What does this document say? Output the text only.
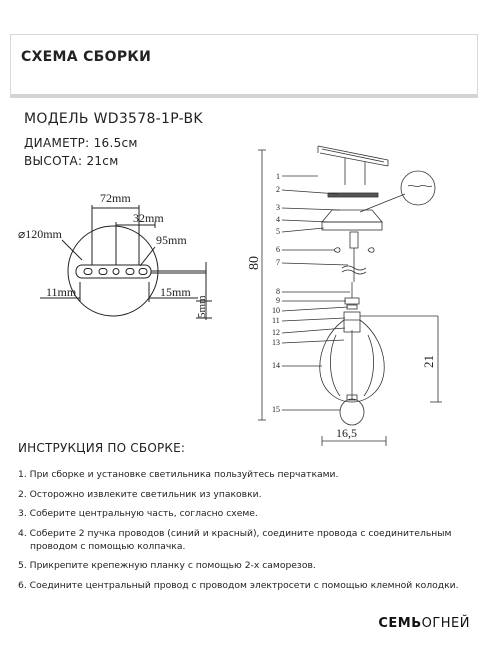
СХЕМА СБОРКИ
МОДЕЛЬ WD3578-1P-BK
ДИАМЕТР: 16.5см
ВЫСОТА: 21см
72mm
32mm
95mm
⌀120mm
11mm	15mm
5mm
1
2
3
4
5
6
7
8
9
10
11
12
13
14
15
80
21
16,5
ИНСТРУКЦИЯ ПО СБОРКЕ:
1. При сборке и установке светильника пользуйтесь перчатками.
2. Осторожно извлеките светильник из упаковки.
3. Соберите центральную часть, согласно схеме.
4. Соберите 2 пучка проводов (синий и красный), соедините провода с соединительным
проводом с помощью колпачка.
5. Прикрепите крепежную планку с помощью 2-х саморезов.
6. Соедините центральный провод с проводом электросети с помощью клемной колодки.
СЕМЬОГНЕЙ
